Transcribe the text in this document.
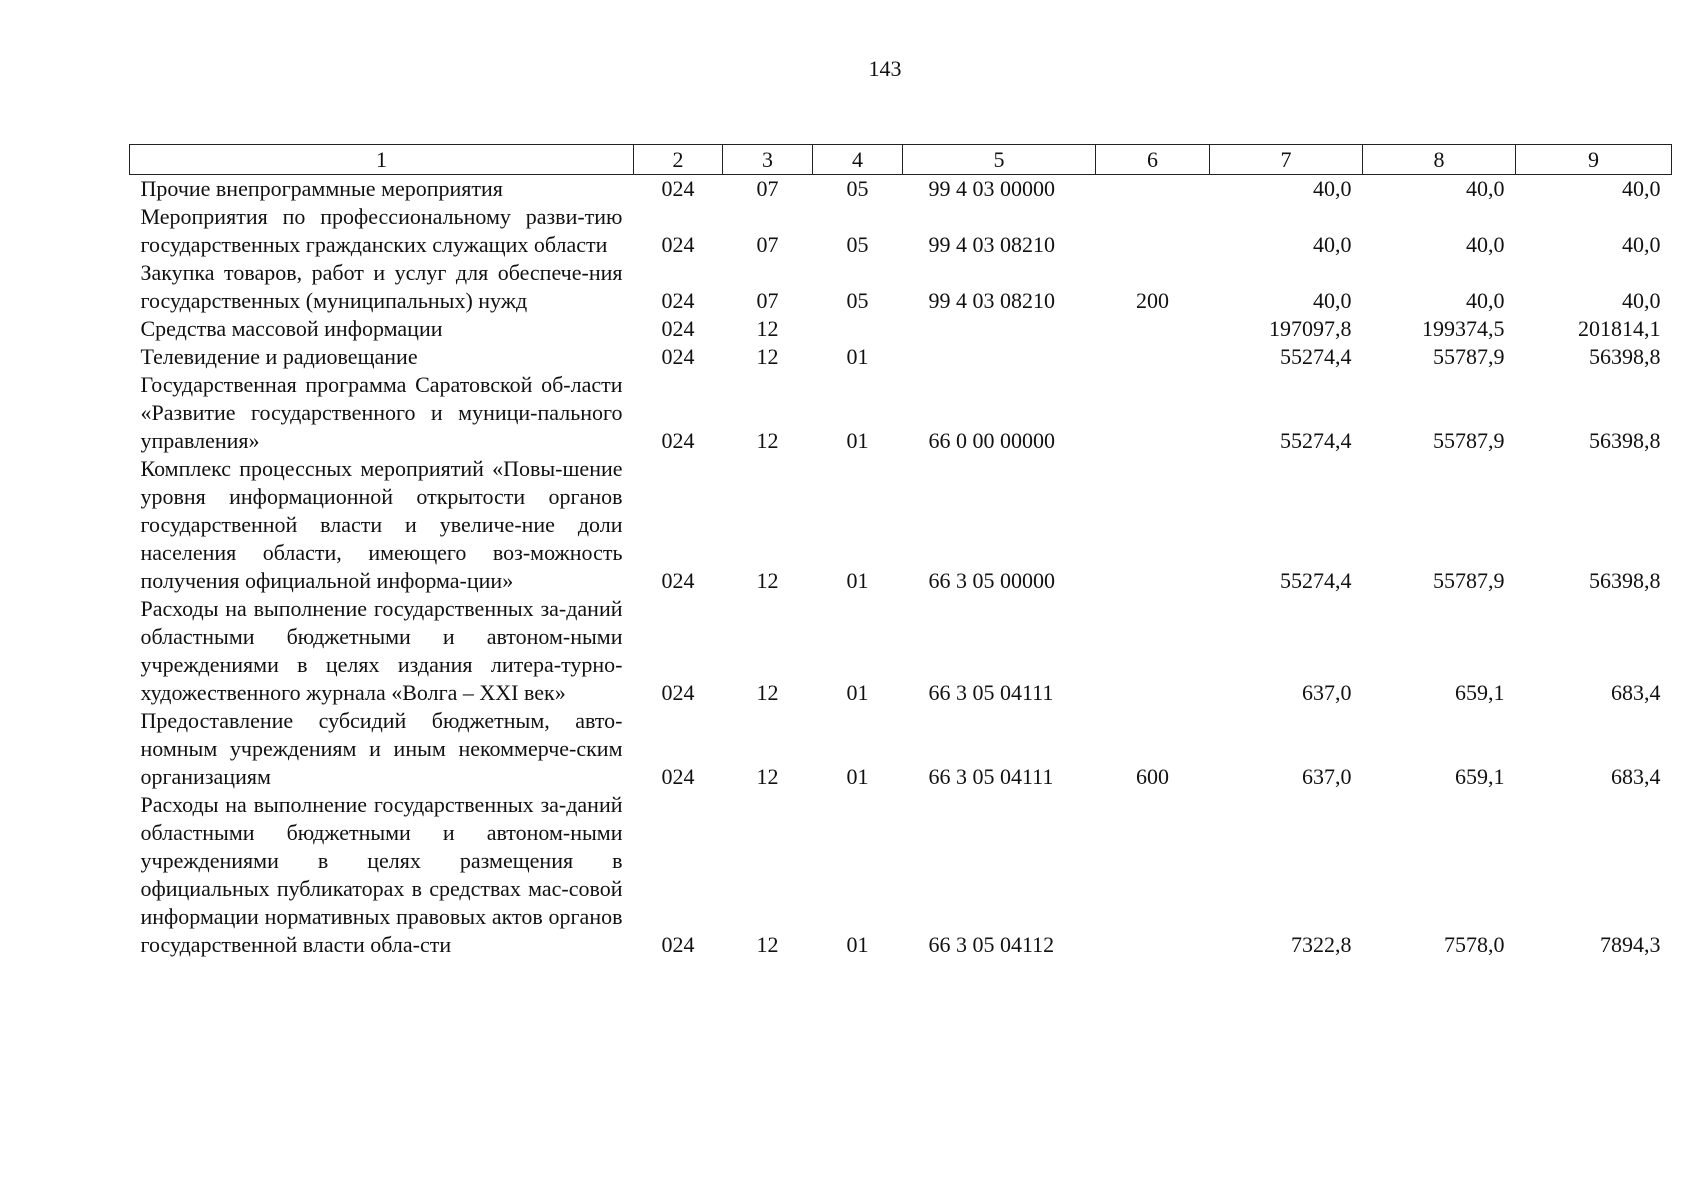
143
1	2	3	4	5	6	7	8	9
Прочие внепрограммные мероприятия	024	07	05	99 4 03 00000		40,0	40,0	40,0
Мероприятия по профессиональному разви-тию государственных гражданских служащих области	024	07	05	99 4 03 08210		40,0	40,0	40,0
Закупка товаров, работ и услуг для обеспече-ния государственных (муниципальных) нужд	024	07	05	99 4 03 08210	200	40,0	40,0	40,0
Средства массовой информации	024	12				197097,8	199374,5	201814,1
Телевидение и радиовещание	024	12	01			55274,4	55787,9	56398,8
Государственная программа Саратовской об-ласти «Развитие государственного и муници-пального управления»	024	12	01	66 0 00 00000		55274,4	55787,9	56398,8
Комплекс процессных мероприятий «Повы-шение уровня информационной открытости органов государственной власти и увеличе-ние доли населения области, имеющего воз-можность получения официальной информа-ции»	024	12	01	66 3 05 00000		55274,4	55787,9	56398,8
Расходы на выполнение государственных за-даний областными бюджетными и автоном-ными учреждениями в целях издания литера-турно-художественного журнала «Волга – XXI век»	024	12	01	66 3 05 04111		637,0	659,1	683,4
Предоставление субсидий бюджетным, авто-номным учреждениям и иным некоммерче-ским организациям	024	12	01	66 3 05 04111	600	637,0	659,1	683,4
Расходы на выполнение государственных за-даний областными бюджетными и автоном-ными учреждениями в целях размещения в официальных публикаторах в средствах мас-совой информации нормативных правовых актов органов государственной власти обла-сти	024	12	01	66 3 05 04112		7322,8	7578,0	7894,3
